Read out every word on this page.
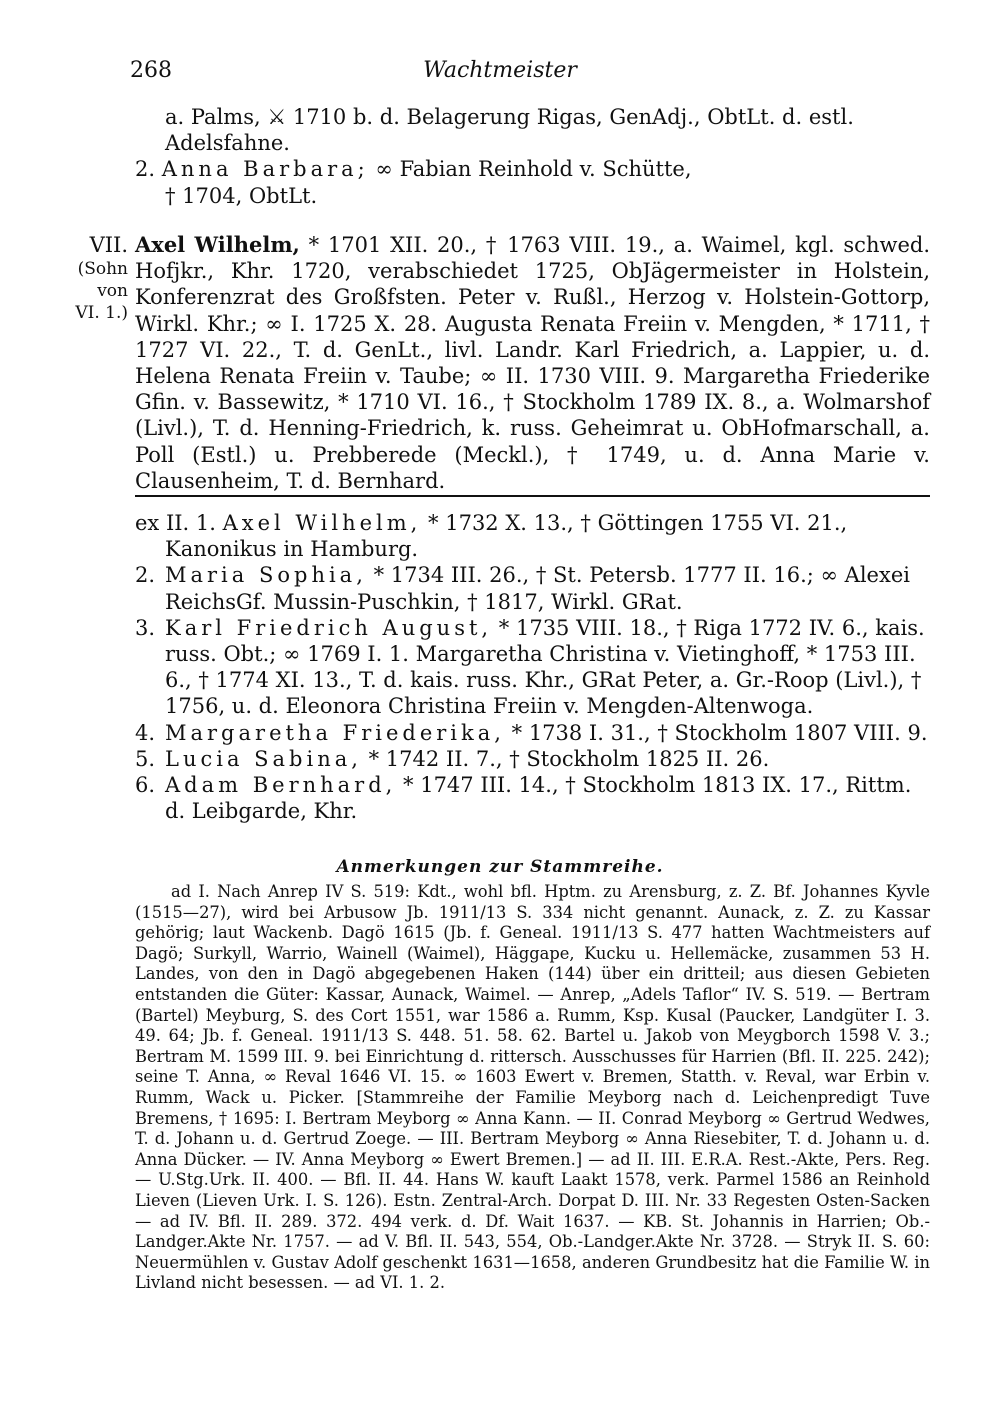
268	Wachtmeister

a. Palms, ⚔ 1710 b. d. Belagerung Rigas, GenAdj., ObtLt. d. estl.

Adelsfahne.

2. Anna Barbara; ∞ Fabian Reinhold v. Schütte,

† 1704, ObtLt.

VII.
(Sohn
von
VI. 1.)

Axel Wilhelm, * 1701 XII. 20., † 1763 VIII. 19., a. Waimel, kgl. schwed. Hofjkr., Khr. 1720, verabschiedet 1725, ObJägermeister in Holstein, Konferenzrat des Großfsten. Peter v. Rußl., Herzog v. Holstein-Gottorp, Wirkl. Khr.; ∞ I. 1725 X. 28. Augusta Renata Freiin v. Mengden, * 1711, † 1727 VI. 22., T. d. GenLt., livl. Landr. Karl Friedrich, a. Lappier, u. d. Helena Renata Freiin v. Taube; ∞ II. 1730 VIII. 9. Margaretha Friederike Gfin. v. Bassewitz, * 1710 VI. 16., † Stockholm 1789 IX. 8., a. Wolmarshof (Livl.), T. d. Henning-Friedrich, k. russ. Geheimrat u. ObHofmarschall, a. Poll (Estl.) u. Prebberede (Meckl.), † 1749, u. d. Anna Marie v. Clausenheim, T. d. Bernhard.

ex II. 1. Axel Wilhelm, * 1732 X. 13., † Göttingen 1755 VI. 21., Kanonikus in Hamburg.
2. Maria Sophia, * 1734 III. 26., † St. Petersb. 1777 II. 16.; ∞ Alexei ReichsGf. Mussin-Puschkin, † 1817, Wirkl. GRat.
3. Karl Friedrich August, * 1735 VIII. 18., † Riga 1772 IV. 6., kais. russ. Obt.; ∞ 1769 I. 1. Margaretha Christina v. Vietinghoff, * 1753 III. 6., † 1774 XI. 13., T. d. kais. russ. Khr., GRat Peter, a. Gr.-Roop (Livl.), † 1756, u. d. Eleonora Christina Freiin v. Mengden-Altenwoga.
4. Margaretha Friederika, * 1738 I. 31., † Stockholm 1807 VIII. 9.
5. Lucia Sabina, * 1742 II. 7., † Stockholm 1825 II. 26.
6. Adam Bernhard, * 1747 III. 14., † Stockholm 1813 IX. 17., Rittm. d. Leibgarde, Khr.
Anmerkungen zur Stammreihe.

ad I. Nach Anrep IV S. 519: Kdt., wohl bfl. Hptm. zu Arensburg, z. Z. Bf. Johannes Kyvle (1515—27), wird bei Arbusow Jb. 1911/13 S. 334 nicht genannt. Aunack, z. Z. zu Kassar gehörig; laut Wackenb. Dagö 1615 (Jb. f. Geneal. 1911/13 S. 477 hatten Wachtmeisters auf Dagö; Surkyll, Warrio, Wainell (Waimel), Häggape, Kucku u. Hellemäcke, zusammen 53 H. Landes, von den in Dagö abgegebenen Haken (144) über ein dritteil; aus diesen Gebieten entstanden die Güter: Kassar, Aunack, Waimel. — Anrep, „Adels Taflor“ IV. S. 519. — Bertram (Bartel) Meyburg, S. des Cort 1551, war 1586 a. Rumm, Ksp. Kusal (Paucker, Landgüter I. 3. 49. 64; Jb. f. Geneal. 1911/13 S. 448. 51. 58. 62. Bartel u. Jakob von Meygborch 1598 V. 3.; Bertram M. 1599 III. 9. bei Einrichtung d. rittersch. Ausschusses für Harrien (Bfl. II. 225. 242); seine T. Anna, ∞ Reval 1646 VI. 15. ∞ 1603 Ewert v. Bremen, Statth. v. Reval, war Erbin v. Rumm, Wack u. Picker. [Stammreihe der Familie Meyborg nach d. Leichenpredigt Tuve Bremens, † 1695: I. Bertram Meyborg ∞ Anna Kann. — II. Conrad Meyborg ∞ Gertrud Wedwes, T. d. Johann u. d. Gertrud Zoege. — III. Bertram Meyborg ∞ Anna Riesebiter, T. d. Johann u. d. Anna Dücker. — IV. Anna Meyborg ∞ Ewert Bremen.] — ad II. III. E.R.A. Rest.-Akte, Pers. Reg. — U.Stg.Urk. II. 400. — Bfl. II. 44. Hans W. kauft Laakt 1578, verk. Parmel 1586 an Reinhold Lieven (Lieven Urk. I. S. 126). Estn. Zentral-Arch. Dorpat D. III. Nr. 33 Regesten Osten-Sacken — ad IV. Bfl. II. 289. 372. 494 verk. d. Df. Wait 1637. — KB. St. Johannis in Harrien; Ob.-Landger.Akte Nr. 1757. — ad V. Bfl. II. 543, 554, Ob.-Landger.Akte Nr. 3728. — Stryk II. S. 60: Neuermühlen v. Gustav Adolf geschenkt 1631—1658, anderen Grundbesitz hat die Familie W. in Livland nicht besessen. — ad VI. 1. 2.
